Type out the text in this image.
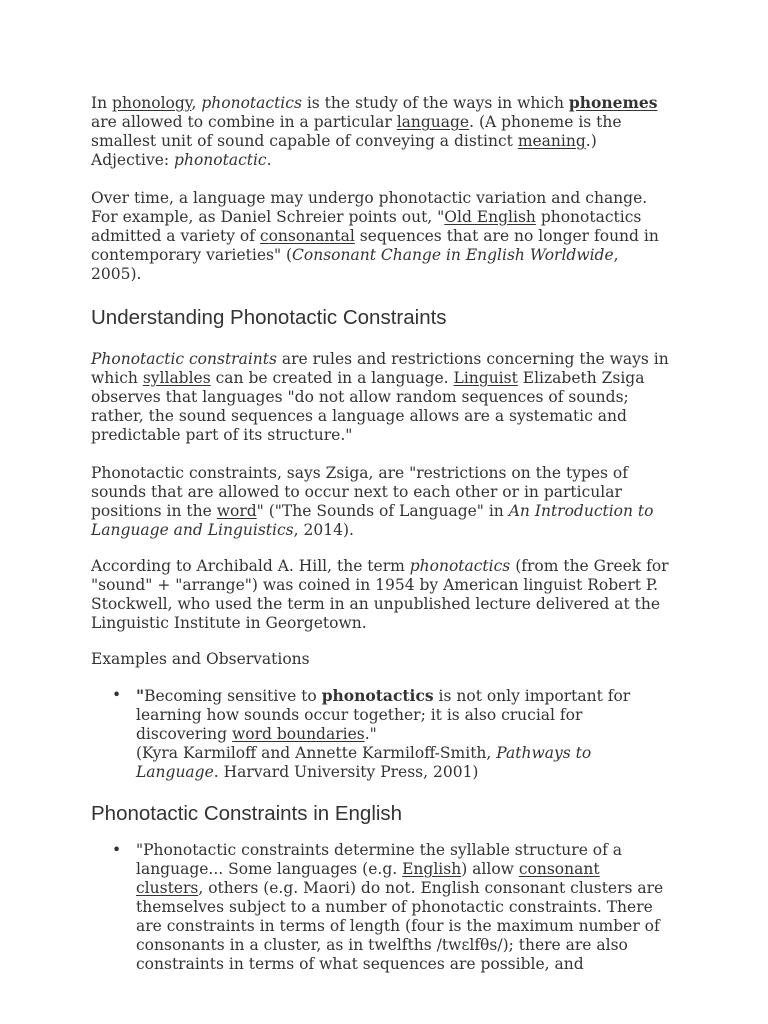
In phonology, phonotactics is the study of the ways in which phonemes are allowed to combine in a particular language. (A phoneme is the smallest unit of sound capable of conveying a distinct meaning.) Adjective: phonotactic.

Over time, a language may undergo phonotactic variation and change. For example, as Daniel Schreier points out, "Old English phonotactics admitted a variety of consonantal sequences that are no longer found in contemporary varieties" (Consonant Change in English Worldwide, 2005).

Understanding Phonotactic Constraints

Phonotactic constraints are rules and restrictions concerning the ways in which syllables can be created in a language. Linguist Elizabeth Zsiga observes that languages "do not allow random sequences of sounds; rather, the sound sequences a language allows are a systematic and predictable part of its structure."

Phonotactic constraints, says Zsiga, are "restrictions on the types of sounds that are allowed to occur next to each other or in particular positions in the word" ("The Sounds of Language" in An Introduction to Language and Linguistics, 2014).

According to Archibald A. Hill, the term phonotactics (from the Greek for "sound" + "arrange") was coined in 1954 by American linguist Robert P. Stockwell, who used the term in an unpublished lecture delivered at the Linguistic Institute in Georgetown.

Examples and Observations

• "Becoming sensitive to phonotactics is not only important for learning how sounds occur together; it is also crucial for discovering word boundaries."
(Kyra Karmiloff and Annette Karmiloff-Smith, Pathways to Language. Harvard University Press, 2001)
Phonotactic Constraints in English
• "Phonotactic constraints determine the syllable structure of a language... Some languages (e.g. English) allow consonant clusters, others (e.g. Maori) do not. English consonant clusters are themselves subject to a number of phonotactic constraints. There are constraints in terms of length (four is the maximum number of consonants in a cluster, as in twelfths /twɛlfθs/); there are also constraints in terms of what sequences are possible, and
